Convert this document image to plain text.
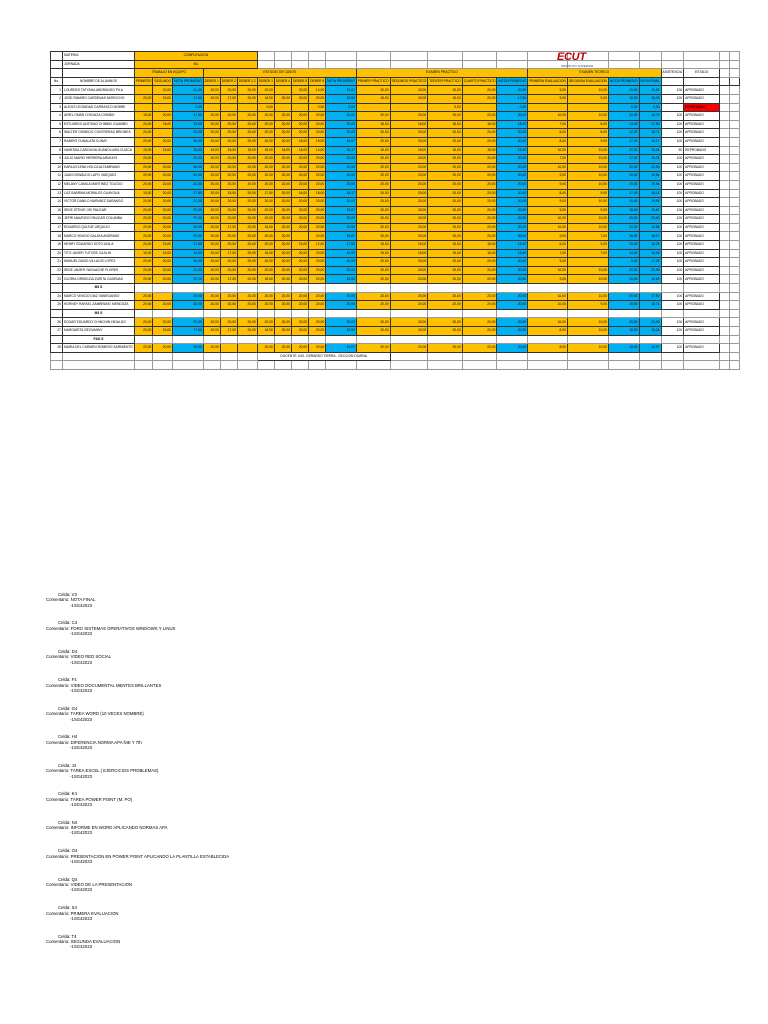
	MATERIA	COMPUTACION																							
	JORNADA	M1																							
		TRABAJO EN EQUIPO			ESTUDIO DE CASOS								EXAMEN PRACTICO					EXAMEN TEORICO				ASISTENCIA	ESTADO		
No.	NOMBRE DE ALUMNOS	PRIMERO	SEGUNDO	NOTA PROMEDIO	DEBER 1	DEBER 2	DEBER 2.2	DEBER 3	DEBER 4	DEBER 5	DEBER 6	NOTA PROMEDIO	PRIMER PRACTICO	SEGUNDO PRACTICO	TERCER PRACTICO	CUARTO PRACTICO	NOTA PROMEDIO	PRIMERA EVALUACION	SEGUNDA EVALUACION	NOTA PROMEDIO	NOTA FINAL				
1	LOURDES TATYANA ANDRANGO PILA		20,00	20,00	20,00	20,00	20,00	20,00		20,00	14,00	19,67	20,00	20,00	20,00	20,00	20,00	9,00	10,00	19,00	19,62	100	APROBADO		
2	JOSE RAMIRO CARDENAS MOROCHO	20,00	15,00	17,50	20,00	17,00	20,00	18,50	20,00	20,00	20,00	19,50	15,00	20,00	15,00	20,00	17,50	9,00	9,00	18,00	18,09	100	APROBADO		
3	ALEXIS LEONIDAS CARRASCO NOBRE			0,00				0,00			0,00	0,00			0,00		0,00			0,00	0,00		REPROBADO		
4	ARIEL OMAR CHICAIZA CHIMBO	15,00	20,00	17,50	20,00	20,00	20,00	20,00	20,00	20,00	20,00	20,00	20,00	20,00	20,00	20,00	20,00	10,00	10,00	20,00	19,74	100	APROBADO		
5	ESTUARDO ANTONIO CHIMBO GUAMBO	20,00	18,00	19,00	20,00	20,00	20,00	20,00	20,00	20,00	20,00	20,00	18,00	18,00	18,00	18,00	18,00	7,00	6,00	13,00	17,50	100	APROBADO		
6	WALTER OSWEDO CONTRERAS BRIONES	20,00		20,00	20,00	20,00	20,00	20,00	20,00	20,00	20,00	20,00	20,00	20,00	20,00	20,00	20,00	6,00	6,00	12,00	18,71	100	APROBADO		
7	RAMIRO CUNALATA CUNAY	20,00	20,00	20,00	20,00	20,00	20,00	20,00	20,00	18,00	19,00	19,67	20,00	20,00	20,00	20,00	20,00	8,00	9,00	17,00	19,17	100	APROBADO		
8	VANESSA CAROLINA GUANOLUISA CUJICA	15,00	15,00	15,00	15,00	15,00	15,00	15,00	18,00	18,00	14,00	16,17	15,00	15,00	15,00	15,00	15,00	10,00	10,00	20,00	16,04	90	REPROBADO		
9	JULIO MARIO HERRERA ARMIJOS	20,00		20,00	20,00	20,00	20,00	20,00	20,00	20,00	20,00	20,00	20,00	20,00	20,00	20,00	20,00	7,00	10,00	17,00	19,75	100	APROBADO		
10	KARLA ELENA HOLCA ALTAMIRANO	20,00	20,00	20,00	20,00	20,00	20,00	20,00	20,00	20,00	20,00	20,00	20,00	20,00	20,00	20,00	20,00	10,00	10,00	20,00	20,00	100	APROBADO		
11	JUAN OSWALDO LAPO VASQUEZ	20,00	20,00	20,00	20,00	20,00	20,00	20,00	20,00	20,00	20,00	20,00	20,00	20,00	20,00	20,00	20,00	9,00	10,00	19,00	19,54	100	APROBADO		
12	MELANY CAMILA MARTINEZ TOLEDO	20,00	20,00	20,00	20,00	20,00	20,00	20,00	20,00	20,00	20,00	20,00	20,00	20,00	20,00	20,00	20,00	9,00	10,00	19,00	19,54	100	APROBADO		
13	LUZ SABRINA MORALES GUAYGUA	15,00	20,00	17,50	20,00	15,00	20,00	17,50	20,00	16,00	18,00	18,17	20,00	20,00	20,00	20,00	20,00	8,00	9,00	17,00	18,14	100	APROBADO		
14	VICTOR DANILO NARVAEZ SARANGO	20,00	20,00	20,00	20,00	20,00	20,00	20,00	20,00	20,00	20,00	20,00	20,00	20,00	20,00	20,00	20,00	9,00	10,00	19,00	19,54	100	APROBADO		
15	IRIDE STEVIE OSI PAUCAR	20,00	20,00	20,00	20,00	20,00	20,00	20,00	20,00	20,00	20,00	19,67	20,00	20,00	20,00	20,00	20,00	9,00	9,00	18,00	19,67	100	APROBADO		
16	JEFRI MAURICIO PAUCAR COLUMBA	20,00	20,00	20,00	20,00	20,00	20,00	20,00	20,00	20,00	20,00	20,00	20,00	20,00	20,00	20,00	20,00	10,00	10,00	20,00	20,00	100	APROBADO		
17	EDUARDO QUIJIJE URQUIZO	20,00	20,00	20,00	20,00	17,00	20,00	18,50	20,00	20,00	20,00	19,50	20,00	20,00	20,00	20,00	20,00	10,00	10,00	20,00	19,88	100	APROBADO		
18	MARCO VINICIO SALAYA ANDRADE	20,00	20,00	20,00	20,00	20,00	20,00	20,00	20,00		20,00	19,67	20,00	20,00	20,00	20,00	20,00	9,00	7,00	16,00	18,17	100	APROBADO		
19	HENRY EDUARDO SOTO AGILA	20,00	15,00	17,50	20,00	20,00	20,00	20,00	20,00	15,00	12,00	17,50	15,00	15,00	15,00	15,00	15,00	6,00	9,00	15,00	16,25	100	APROBADO		
20	TITO JAVIER TUTOSE CAJILIN	15,00	15,00	15,00	20,00	17,00	20,00	18,50	20,00	20,00	20,00	19,50	15,00	15,00	15,00	16,00	15,50	7,00	7,00	14,00	16,06	100	APROBADO		
21	MANUEL DAVID VILLACIS LOPEZ	20,00	20,00	20,00	20,00	20,00	20,00	20,00	20,00	20,00	20,00	20,00	20,00	20,00	20,00	20,00	20,00	9,00		9,00	17,25	100	APROBADO		
22	IRIDE JAVIER YAGUACHE FLORES	20,00	20,00	20,00	20,00	20,00	20,00	20,00	20,00	20,00	20,00	20,00	20,00	20,00	20,00	20,00	20,00	10,00	10,00	20,00	20,00	100	APROBADO		
23	GLORIA GRISELDA ZURITA CADENAS	20,00	20,00	20,00	20,00	17,00	20,00	18,50	20,00	20,00	20,00	19,50	20,00	20,00	20,00	20,00	20,00	9,00	10,00	19,00	19,63	100	APROBADO		
	M3 S																								
24	MARCO VINICIO DIAZ VANEGANSO	20,00		20,00	20,00	20,00	20,00	20,00	20,00	20,00	20,00	20,00	20,00	20,00	20,00	20,00	20,00	10,00	10,00	20,00	17,50	100	APROBADO		
25	HORNEY RAFAEL ZAMBRANO MENDOZA	20,00	20,00	20,00	20,00	20,00	20,00	20,00	20,00	20,00	20,00	20,00	20,00	20,00	20,00	20,00	20,00	10,00	9,00	19,00	18,71	100	APROBADO		
	M3 S																								
26	EDGAR EDUARDO CHINCHIN HIDALGO	20,00	20,00	20,00	20,00	20,00	20,00	20,00	20,00	20,00	20,00	20,00	20,00	20,00	20,00	20,00	20,00	10,00	10,00	20,00	20,00	100	APROBADO		
27	MARGARITA GEOVANNY	20,00	15,00	17,50	20,00	17,00	20,00	18,50	20,00	20,00	20,00	19,50	20,00	20,00	20,00	20,00	20,00	8,00	10,00	18,00	18,24	100	APROBADO		
	F&D S																								
28	MARIA DEL CARMEN ROMERO SARMIENTO	20,00	20,00	20,00	20,00			20,00	20,00	20,00	20,00	19,67	20,00	20,00	20,00	20,00	20,00	8,00	10,00	18,00	19,67	100	APROBADO		
								DOCENTE: ING. GERARDO TIERRA - SECCION DIURNA																	

ECUT
INSTITUTO SUPERIOR
Celda: V3
Comentario: NOTA FINAL
-1SG42023
Celda: C4
Comentario: FORO SISTEMAS OPERATIVOS WINDOWS Y LINUX
-1SG42023
Celda: D4
Comentario: VIDEO RED SOCIAL
-1SG42023
Celda: F4
Comentario: VIDEO DOCUMENTAL MENTES BRILLANTES
-1SG42023
Celda: G4
Comentario: TAREA WORD (10 VECES NOMBRE)
-1SG42023
Celda: H4
Comentario: DIFERENCIA NORMA APA ÑIE Y 7th
-1SG42023
Celda: J4
Comentario: TAREA EXCEL ( EJERCICIOS PROBLEMAS)
-1SG42023
Celda: K4
Comentario: TAREA POWER POINT (M. PO)
-1SG42023
Celda: N4
Comentario: INFORME EN WORD APLICANDO NORMAS APA
-1SG42023
Celda: O4
Comentario: PRESENTACION EN POWER POINT APLICANDO LA PLANTILLA ESTABLECIDA
-1SG42023
Celda: Q4
Comentario: VIDEO DE LA PRESENTACION
-1SG42023
Celda: S4
Comentario: PRIMERA EVALUACION
-1SG42023
Celda: T4
Comentario: SEGUNDA EVALUACION
-1SG42023
